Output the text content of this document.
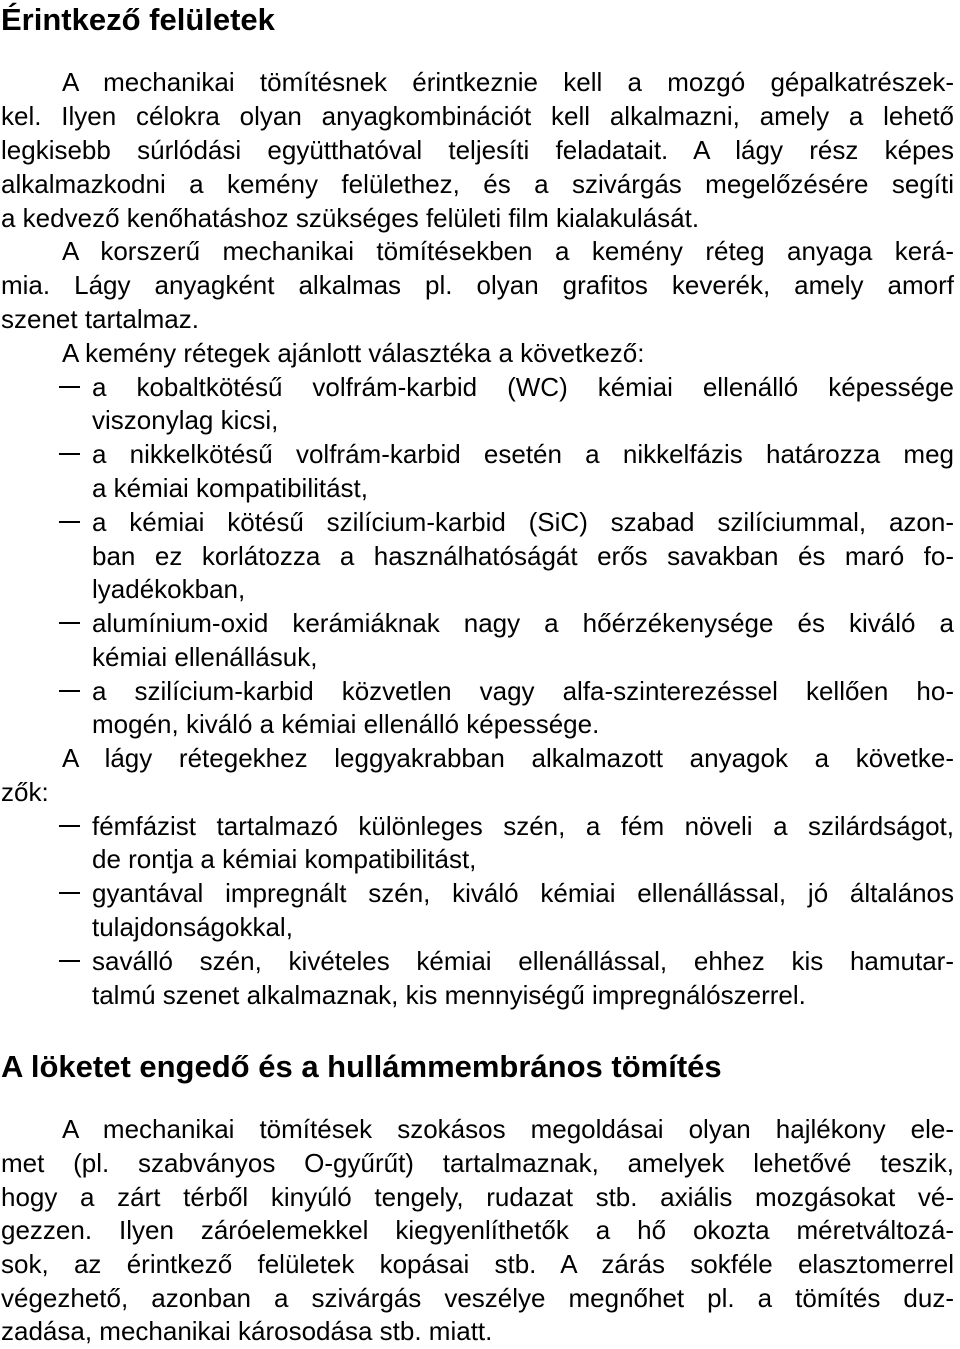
Érintkező felületek
A mechanikai tömítésnek érintkeznie kell a mozgó gépalkatrészek-
kel. Ilyen célokra olyan anyagkombinációt kell alkalmazni, amely a lehető
legkisebb súrlódási együtthatóval teljesíti feladatait. A lágy rész képes
alkalmazkodni a kemény felülethez, és a szivárgás megelőzésére segíti
a kedvező kenőhatáshoz szükséges felületi film kialakulását.
A korszerű mechanikai tömítésekben a kemény réteg anyaga kerá-
mia. Lágy anyagként alkalmas pl. olyan grafitos keverék, amely amorf
szenet tartalmaz.
A kemény rétegek ajánlott választéka a következő:
a kobaltkötésű volfrám-karbid (WC) kémiai ellenálló képessége
viszonylag kicsi,
a nikkelkötésű volfrám-karbid esetén a nikkelfázis határozza meg
a kémiai kompatibilitást,
a kémiai kötésű szilícium-karbid (SiC) szabad szilíciummal, azon-
ban ez korlátozza a használhatóságát erős savakban és maró fo-
lyadékokban,
alumínium-oxid kerámiáknak nagy a hőérzékenysége és kiváló a
kémiai ellenállásuk,
a szilícium-karbid közvetlen vagy alfa-szinterezéssel kellően ho-
mogén, kiváló a kémiai ellenálló képessége.
A lágy rétegekhez leggyakrabban alkalmazott anyagok a követke-
zők:
fémfázist tartalmazó különleges szén, a fém növeli a szilárdságot,
de rontja a kémiai kompatibilitást,
gyantával impregnált szén, kiváló kémiai ellenállással, jó általános
tulajdonságokkal,
saválló szén, kivételes kémiai ellenállással, ehhez kis hamutar-
talmú szenet alkalmaznak, kis mennyiségű impregnálószerrel.
A löketet engedő és a hullámmembrános tömítés
A mechanikai tömítések szokásos megoldásai olyan hajlékony ele-
met (pl. szabványos O-gyűrűt) tartalmaznak, amelyek lehetővé teszik,
hogy a zárt térből kinyúló tengely, rudazat stb. axiális mozgásokat vé-
gezzen. Ilyen záróelemekkel kiegyenlíthetők a hő okozta méretváltozá-
sok, az érintkező felületek kopásai stb. A zárás sokféle elasztomerrel
végezhető, azonban a szivárgás veszélye megnőhet pl. a tömítés duz-
zadása, mechanikai károsodása stb. miatt.
